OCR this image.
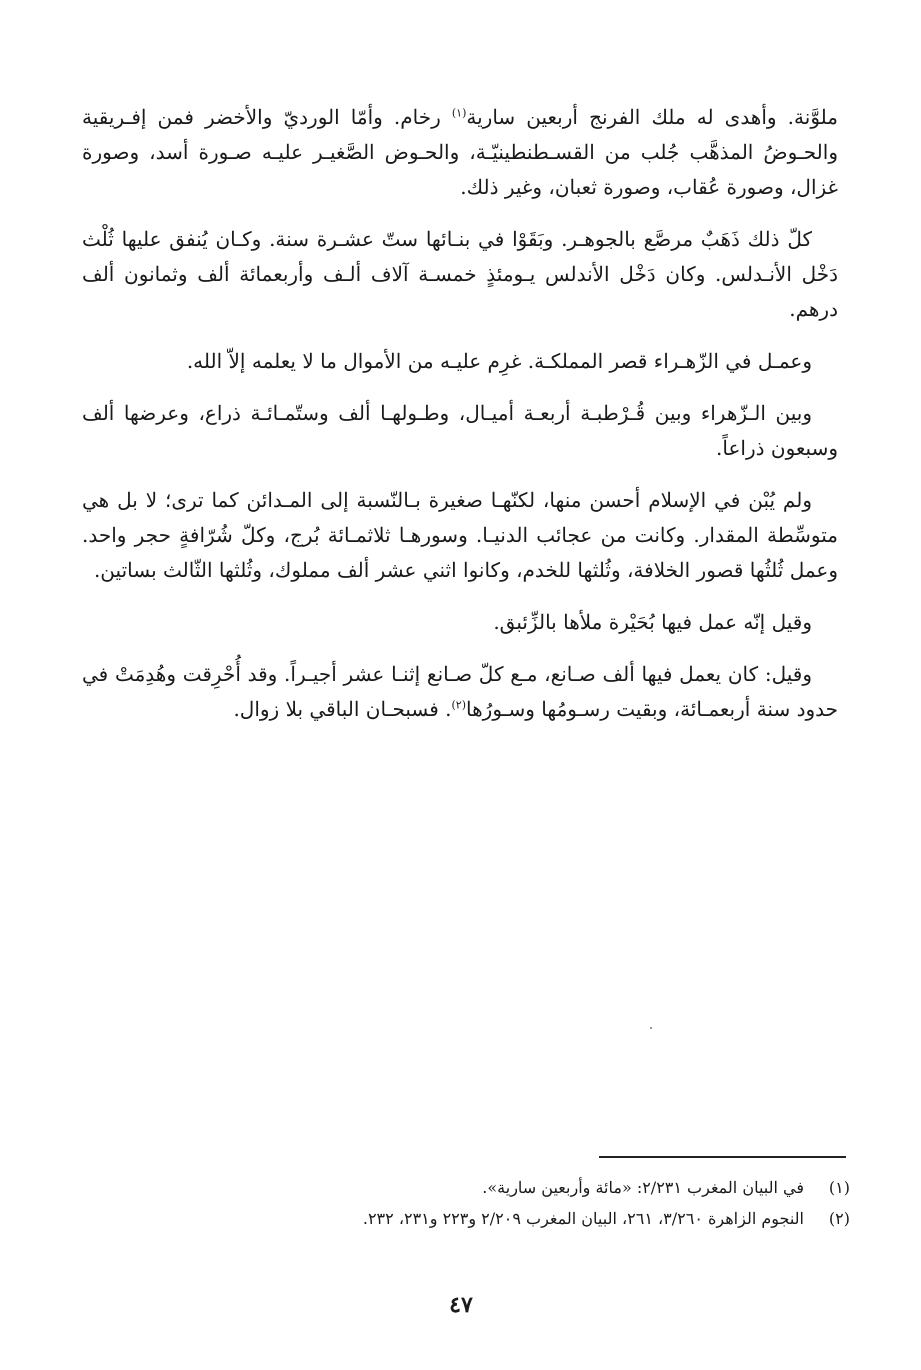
ملوَّنة. وأهدى له ملك الفرنج أربعين سارية$^{(١)}$ رخام. وأمّا الورديّ والأخضر فمن إفـريقية والحـوضُ المذهَّب جُلب من القسـطنطينيّـة، والحـوض الصَّغيـر عليـه صـورة أسد، وصورة غزال، وصورة عُقاب، وصورة ثعبان، وغير ذلك.

كلّ ذلك ذَهَبٌ مرصَّع بالجوهـر. وبَقَوْا في بنـائها ستّ عشـرة سنة. وكـان يُنفق عليها ثُلْث دَخْل الأنـدلس. وكان دَخْل الأندلس يـومئذٍ خمسـة آلاف ألـف وأربعمائة ألف وثمانون ألف درهم.

وعمـل في الزّهـراء قصر المملكـة. غرِم عليـه من الأموال ما لا يعلمه إلاّ الله.

وبين الـزّهراء وبين قُـرْطبـة أربعـة أميـال، وطـولهـا ألف وستّمـائـة ذراع، وعرضها ألف وسبعون ذراعاً.

ولم يُبْن في الإسلام أحسن منها، لكنّهـا صغيرة بـالنّسبة إلى المـدائن كما ترى؛ لا بل هي متوسِّطة المقدار. وكانت من عجائب الدنيـا. وسورهـا ثلاثمـائة بُرج، وكلّ شُرّافةٍ حجر واحد. وعمل ثُلثُها قصور الخلافة، وثُلثها للخدم، وكانوا اثني عشر ألف مملوك، وثُلثها الثّالث بساتين.

وقيل إنّه عمل فيها بُحَيْرة ملأها بالزِّئبق.

وقيل: كان يعمل فيها ألف صـانع، مـع كلّ صـانع إثنـا عشر أجيـراً. وقد أُحْرِقت وهُدِمَتْ في حدود سنة أربعمـائة، وبقيت رسـومُها وسـورُها$^{(٢)}$. فسبحـان الباقي بلا زوال.

(١)
في البيان المغرب ٢/٢٣١: «مائة وأربعين سارية».
(٢)
النجوم الزاهرة ٣/٢٦٠، ٢٦١، البيان المغرب ٢/٢٠٩ و٢٢٣ و٢٣١، ٢٣٢.
٤٧
